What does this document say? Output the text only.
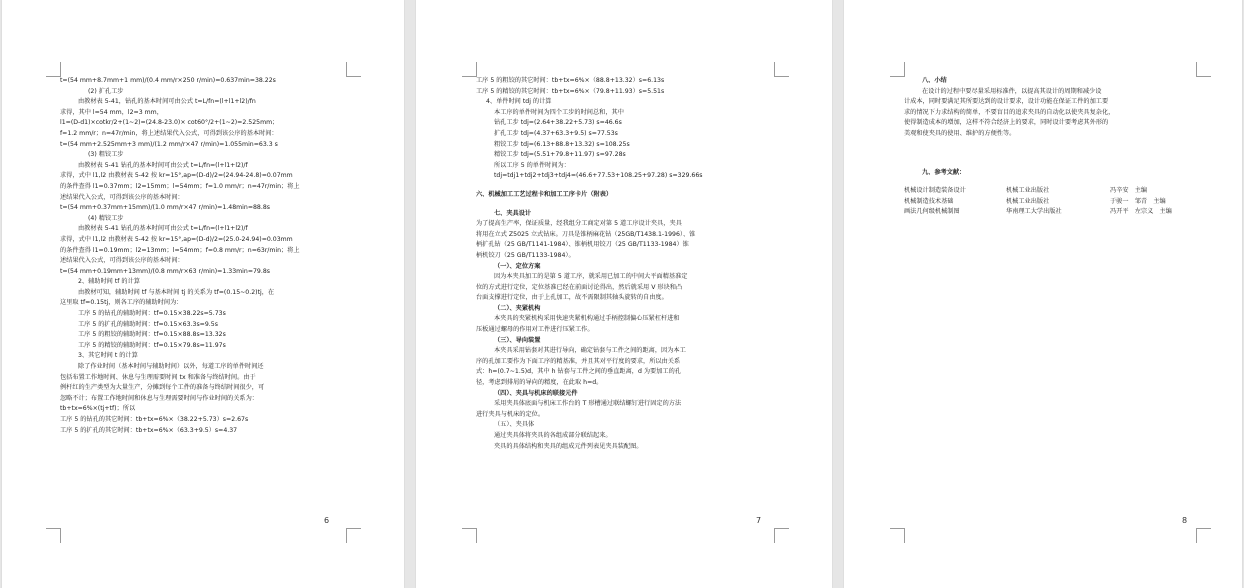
t=(54 mm+8.7mm+1 mm)/(0.4 mm/r×250 r/min)=0.637min=38.22s
(2) 扩孔工步
由教材表 5-41，钻孔的基本时间可由公式 t=L/fn=(l+l1+l2)/fn
求得，其中 l=54 mm，l2=3 mm，
l1=(D-d1)×cotkr/2+(1~2)=(24.8-23.0)× cot60°/2+(1~2)=2.525mm；
f=1.2 mm/r；n=47r/min，将上述结果代入公式，可得到该公序的基本时间：
t=(54 mm+2.525mm+3 mm)/(1.2 mm/r×47 r/min)=1.055min=63.3 s
(3) 粗铰工步
由教材表 5-41 钻孔的基本时间可由公式 t=L/fn=(l+l1+l2)/f
求得，式中 l1,l2 由教材表 5-42 按 kr=15°,ap=(D-d)/2=(24.94-24.8)=0.07mm
的条件查得 l1=0.37mm；l2=15mm；l=54mm；f=1.0 mm/r；n=47r/min；将上
述结果代入公式，可得到该公序的基本时间：
t=(54 mm+0.37mm+15mm)/(1.0 mm/r×47 r/min)=1.48min=88.8s
(4) 精铰工步
由教材表 5-41 钻孔的基本时间可由公式 t=L/fn=(l+l1+l2)/f
求得，式中 l1,l2 由教材表 5-42 按 kr=15°,ap=(D-d)/2=(25.0-24.94)=0.03mm
的条件查得 l1=0.19mm；l2=13mm；l=54mm；f=0.8 mm/r；n=63r/min；将上
述结果代入公式，可得到该公序的基本时间：
t=(54 mm+0.19mm+13mm)/(0.8 mm/r×63 r/min)=1.33min=79.8s
2、辅助时间 tf 的计算
由教材可知，辅助时间 tf 与基本时间 tj 的关系为 tf=(0.15~0.2)tj，在
这里取 tf=0.15tj，则各工序的辅助时间为：
工序 5 的钻孔的辅助时间：tf=0.15×38.22s=5.73s
工序 5 的扩孔的辅助时间：tf=0.15×63.3s=9.5s
工序 5 的粗铰的辅助时间：tf=0.15×88.8s=13.32s
工序 5 的精铰的辅助时间：tf=0.15×79.8s=11.97s
3、其它时间 t 的计算
除了作业时间（基本时间与辅助时间）以外，每道工序的单件时间还
包括布置工作地时间、休息与生理需要时间 tx 和准备与终结时间。由于
例杆红的生产类型为大量生产，分摊到每个工件的准备与终结时间很少，可
忽略不计；布置工作地时间和休息与生理需要时间与作业时间的关系为：
tb+tx=6%×(tj+tf)；所以
工序 5 的钻孔的其它时间：tb+tx=6%×（38.22+5.73）s=2.67s
工序 5 的扩孔的其它时间：tb+tx=6%×（63.3+9.5）s=4.37
6
工序 5 的粗铰的其它时间：tb+tx=6%×（88.8+13.32）s=6.13s
工序 5 的精铰的其它时间：tb+tx=6%×（79.8+11.93）s=5.51s
4、单件时间 tdj 的计算
本工序的单件时间为四个工步的时间总和，其中
钻孔工步 tdj=(2.64+38.22+5.73) s=46.6s
扩孔工步 tdj=(4.37+63.3+9.5) s=77.53s
粗铰工步 tdj=(6.13+88.8+13.32) s=108.25s
精铰工步 tdj=(5.51+79.8+11.97) s=97.28s
所以工序 5 的单件时间为：
tdj=tdj1+tdj2+tdj3+tdj4=(46.6+77.53+108.25+97.28) s=329.66s
六、机械加工工艺过程卡和加工工序卡片（附表）
七、夹具设计
为了提高生产率，保证质量，经我组分工商定对第 5 道工序设计夹具，夹具
将用在立式 Z5025 立式钻床。刀具是锥柄麻花钻（25GB/T1438.1-1996）、锥
柄扩孔钻（25 GB/T1141-1984）、锥柄机用铰刀（25 GB/T1133-1984）锥
柄机铰刀（25 GB/T1133-1984）。
（一）、定位方案
因为本夹具加工的是第 5 道工序，就采用已加工的中间大平面精基准定
位的方式进行定位，定位基准已经在前面讨论得出，然后就采用 V 形块和凸
台面支撑进行定位，由于上孔加工，故不需限制其轴头旋转的自由度。
（二）、夹紧机构
本夹具的夹紧机构采用快速夹紧机构通过手柄控制偏心压紧杠杆进和
压板通过螺母的作用对工件进行压紧工作。
（三）、导向装置
本夹具采用钻套对其进行导向，确定钻套与工件之间的距离，因为本工
序的孔加工要作为下面工序的精基准，并且其对平行度的要求，所以由关系
式：h=(0.7~1.5)d，其中 h 钻套与工件之间的垂直距离，d 为要加工的孔
径，考虑到排屑的导向的精度，在此取 h=d。
（四）、夹具与机床的联接元件
采用夹具体底面与机床工作台的 T 形槽通过联结螺钉进行固定的方法
进行夹具与机床的定位。
（五）、夹具体
通过夹具体将夹具的各组成部分联结起来。
夹具的具体结构和夹具的组成元件列表见夹具装配图。
7
八、小结
在设计的过程中要尽量采用标准件，以提高其设计的周期和减少设
计成本，同时要满足其所要达到的设计要求，设计功能在保证工件的加工要
求的情况下力求结构的简单，不要盲目的追求夹具的自动化以使夹具复杂化，
使得制造成本的增加，这样不符合经济上的要求，同时设计要考虑其外形的
美观和使夹具的使用、维护的方便性等。
九、参考文献：
机械设计制造装备设计	机械工业出版社	冯辛安　主编
机械制造技术基础	机械工业出版社	于骏一　邹青　主编
画法几何级机械制图	华南理工大学出版社	冯开平　左宗义　主编
8
